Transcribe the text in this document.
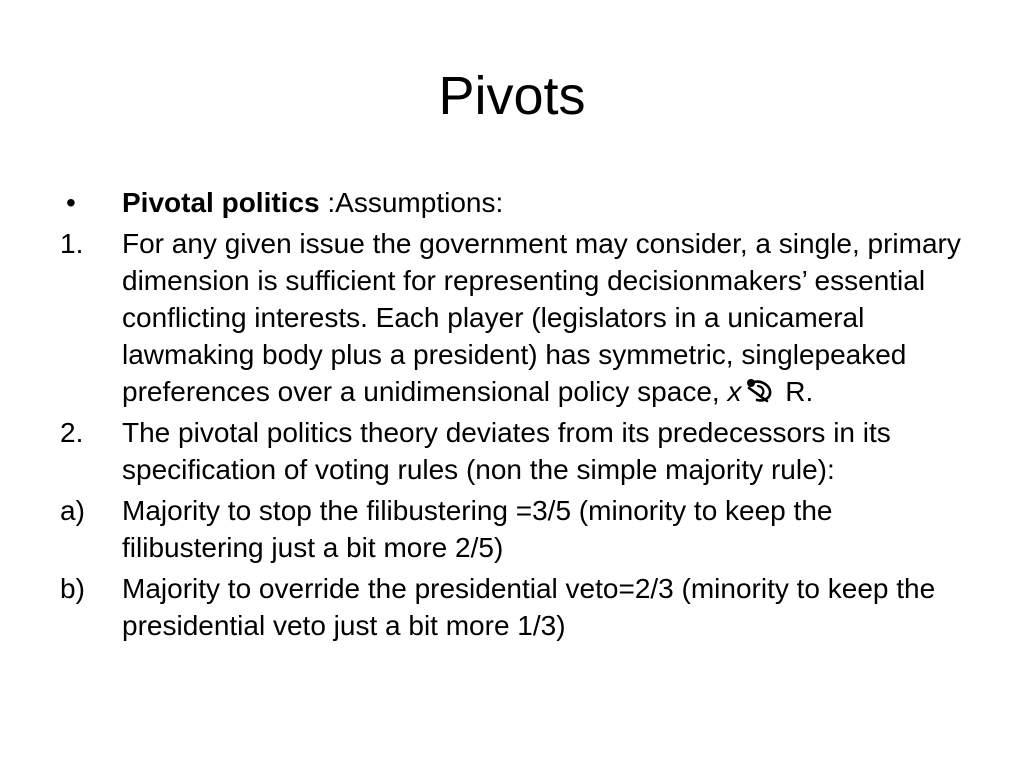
Pivots
•	Pivotal politics :Assumptions:
1.	For any given issue the government may consider, a single, primary dimension is sufficient for representing decisionmakers’ essential conflicting interests. Each player (legislators in a unicameral lawmaking body plus a president) has symmetric, singlepeaked preferences over a unidimensional policy space, x R.
2.	The pivotal politics theory deviates from its predecessors in its specification of voting rules (non the simple majority rule):
a)	Majority to stop the filibustering =3/5 (minority to keep the filibustering just a bit more 2/5)
b)	Majority to override the presidential veto=2/3 (minority to keep the presidential veto just a bit more 1/3)
